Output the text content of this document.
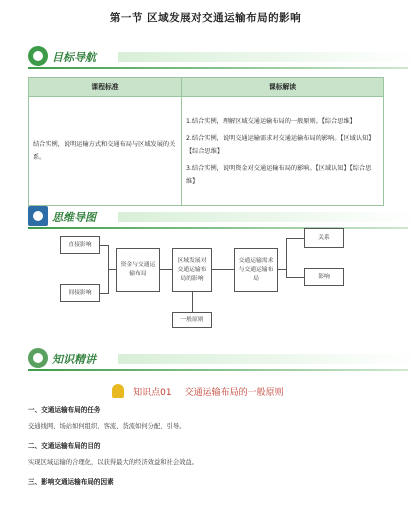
第一节 区域发展对交通运输布局的影响
目标导航
课程标准	课标解读
结合实例，说明运输方式和交通布局与区域发展的关系。	1.结合实例，理解区域交通运输布局的一般原则。【综合思维】
2.结合实例，说明交通运输需求对交通运输布局的影响。【区域认知】【综合思维】
3.结合实例，说明资金对交通运输布局的影响。【区域认知】【综合思维】
思维导图
直接影响
间接影响
资金与交通运输布局
区域发展对交通运输布局的影响
一般原则
交通运输需求与交通运输布局
关系
影响
知识精讲
知识点01 交通运输布局的一般原则
一、交通运输布局的任务
交通线网、场站如何组织、客流、货流如何分配、引导。
二、交通运输布局的目的
实现区域运输的合理化，以获得最大的经济效益和社会效益。
三、影响交通运输布局的因素
